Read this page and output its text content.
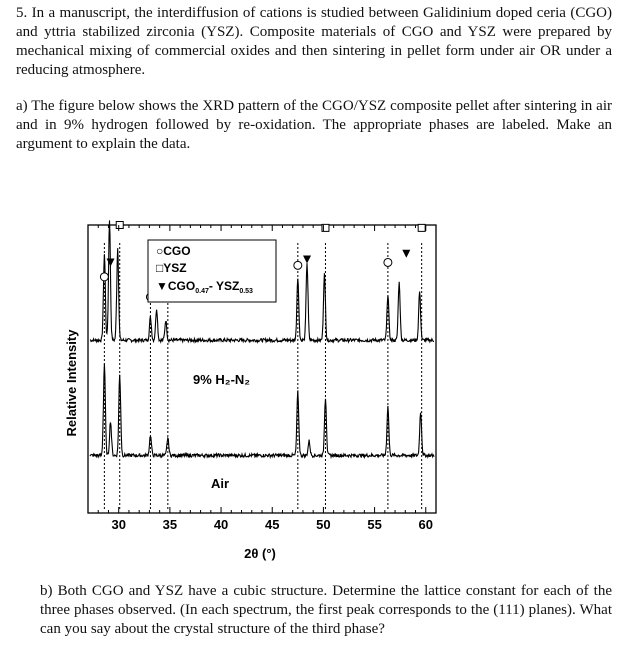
5. In a manuscript, the interdiffusion of cations is studied between Galidinium doped ceria (CGO) and yttria stabilized zirconia (YSZ). Composite materials of CGO and YSZ were prepared by mechanical mixing of commercial oxides and then sintering in pellet form under air OR under a reducing atmosphere.
a) The figure below shows the XRD pattern of the CGO/YSZ composite pellet after sintering in air and in 9% hydrogen followed by re-oxidation. The appropriate phases are labeled. Make an argument to explain the data.
30	35	40	45	50	55	60
○CGO
□YSZ
$▼CGO_{0.47}-$ $YSZ_{0.53}$
9% H₂-N₂
Air
Relative Intensity
2θ (°)
b) Both CGO and YSZ have a cubic structure. Determine the lattice constant for each of the three phases observed. (In each spectrum, the first peak corresponds to the (111) planes). What can you say about the crystal structure of the third phase?
